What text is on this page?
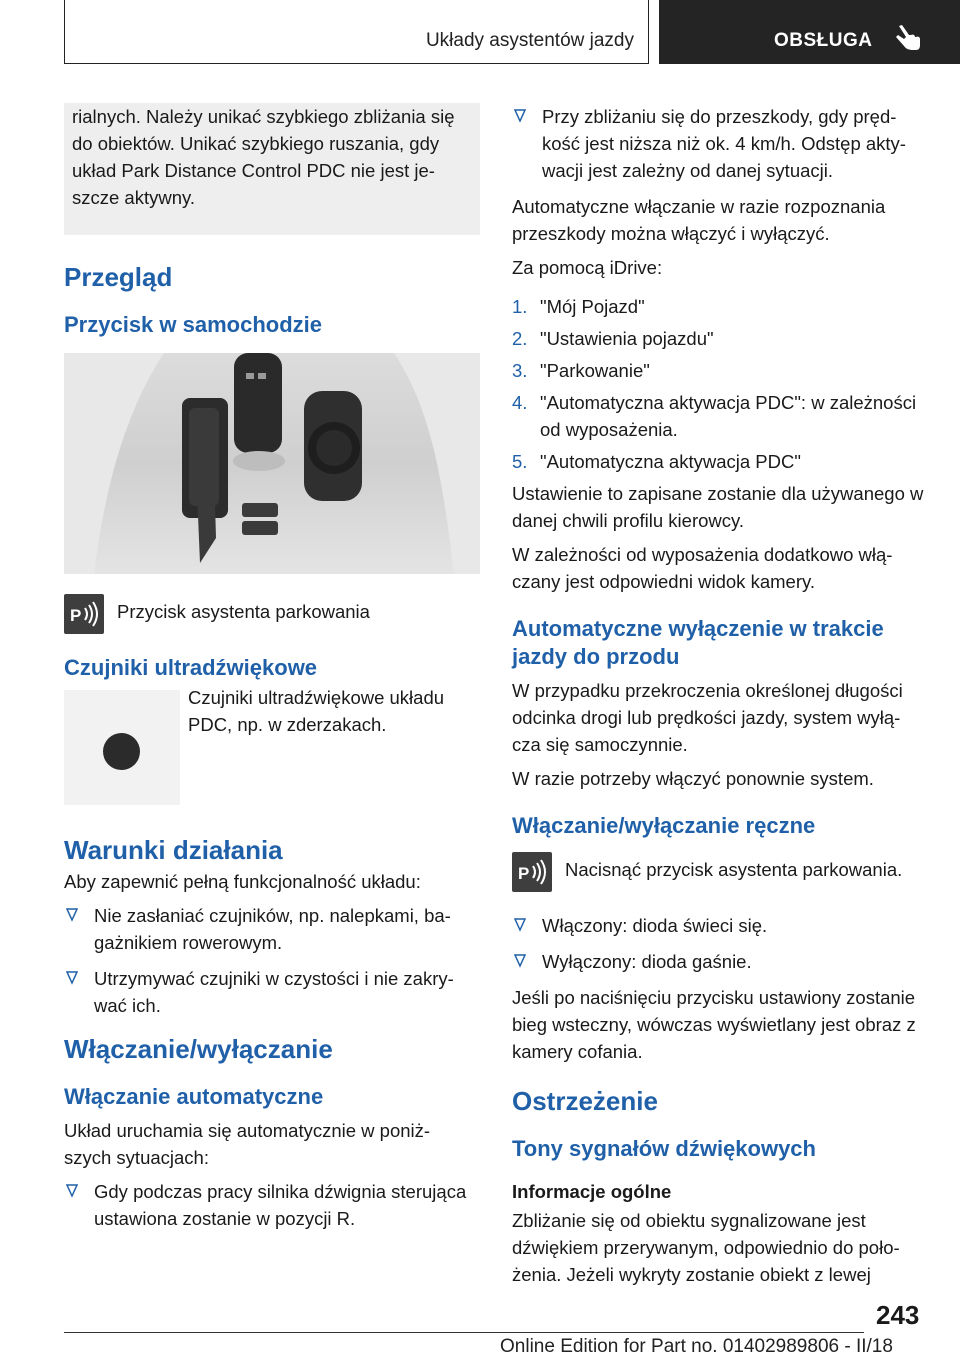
Układy asystentów jazdy	OBSŁUGA

rialnych. Należy unikać szybkiego zbliżania się do obiektów. Unikać szybkiego ruszania, gdy układ Park Distance Control PDC nie jest je‐ szcze aktywny.

Przegląd
Przycisk w samochodzie
P	Przycisk asystenta parkowania
Czujniki ultradźwiękowe
Czujniki ultradźwiękowe układu PDC, np. w zderzakach.
Warunki działania

Aby zapewnić pełną funkcjonalność układu:

Nie zasłaniać czujników, np. nalepkami, ba‐ gażnikiem rowerowym.
Utrzymywać czujniki w czystości i nie zakry‐ wać ich.
Włączanie/wyłączanie
Włączanie automatyczne

Układ uruchamia się automatycznie w poniż‐ szych sytuacjach:

Gdy podczas pracy silnika dźwignia sterująca ustawiona zostanie w pozycji R.
Przy zbliżaniu się do przeszkody, gdy pręd‐ kość jest niższa niż ok. 4 km/h. Odstęp akty‐ wacji jest zależny od danej sytuacji.

Automatyczne włączanie w razie rozpoznania przeszkody można włączyć i wyłączyć.

Za pomocą iDrive:

1. "Mój Pojazd"
2. "Ustawienia pojazdu"
3. "Parkowanie"
4. "Automatyczna aktywacja PDC": w zależności od wyposażenia.
5. "Automatyczna aktywacja PDC"

Ustawienie to zapisane zostanie dla używanego w danej chwili profilu kierowcy.

W zależności od wyposażenia dodatkowo włą‐ czany jest odpowiedni widok kamery.

Automatyczne wyłączenie w trakcie jazdy do przodu

W przypadku przekroczenia określonej długości odcinka drogi lub prędkości jazdy, system wyłą‐ cza się samoczynnie.

W razie potrzeby włączyć ponownie system.

Włączanie/wyłączanie ręczne
P	Nacisnąć przycisk asystenta parkowania.
Włączony: dioda świeci się.
Wyłączony: dioda gaśnie.

Jeśli po naciśnięciu przycisku ustawiony zostanie bieg wsteczny, wówczas wyświetlany jest obraz z kamery cofania.

Ostrzeżenie
Tony sygnałów dźwiękowych
Informacje ogólne

Zbliżanie się od obiektu sygnalizowane jest dźwiękiem przerywanym, odpowiednio do poło‐ żenia. Jeżeli wykryty zostanie obiekt z lewej

243
Online Edition for Part no. 01402989806 - II/18
